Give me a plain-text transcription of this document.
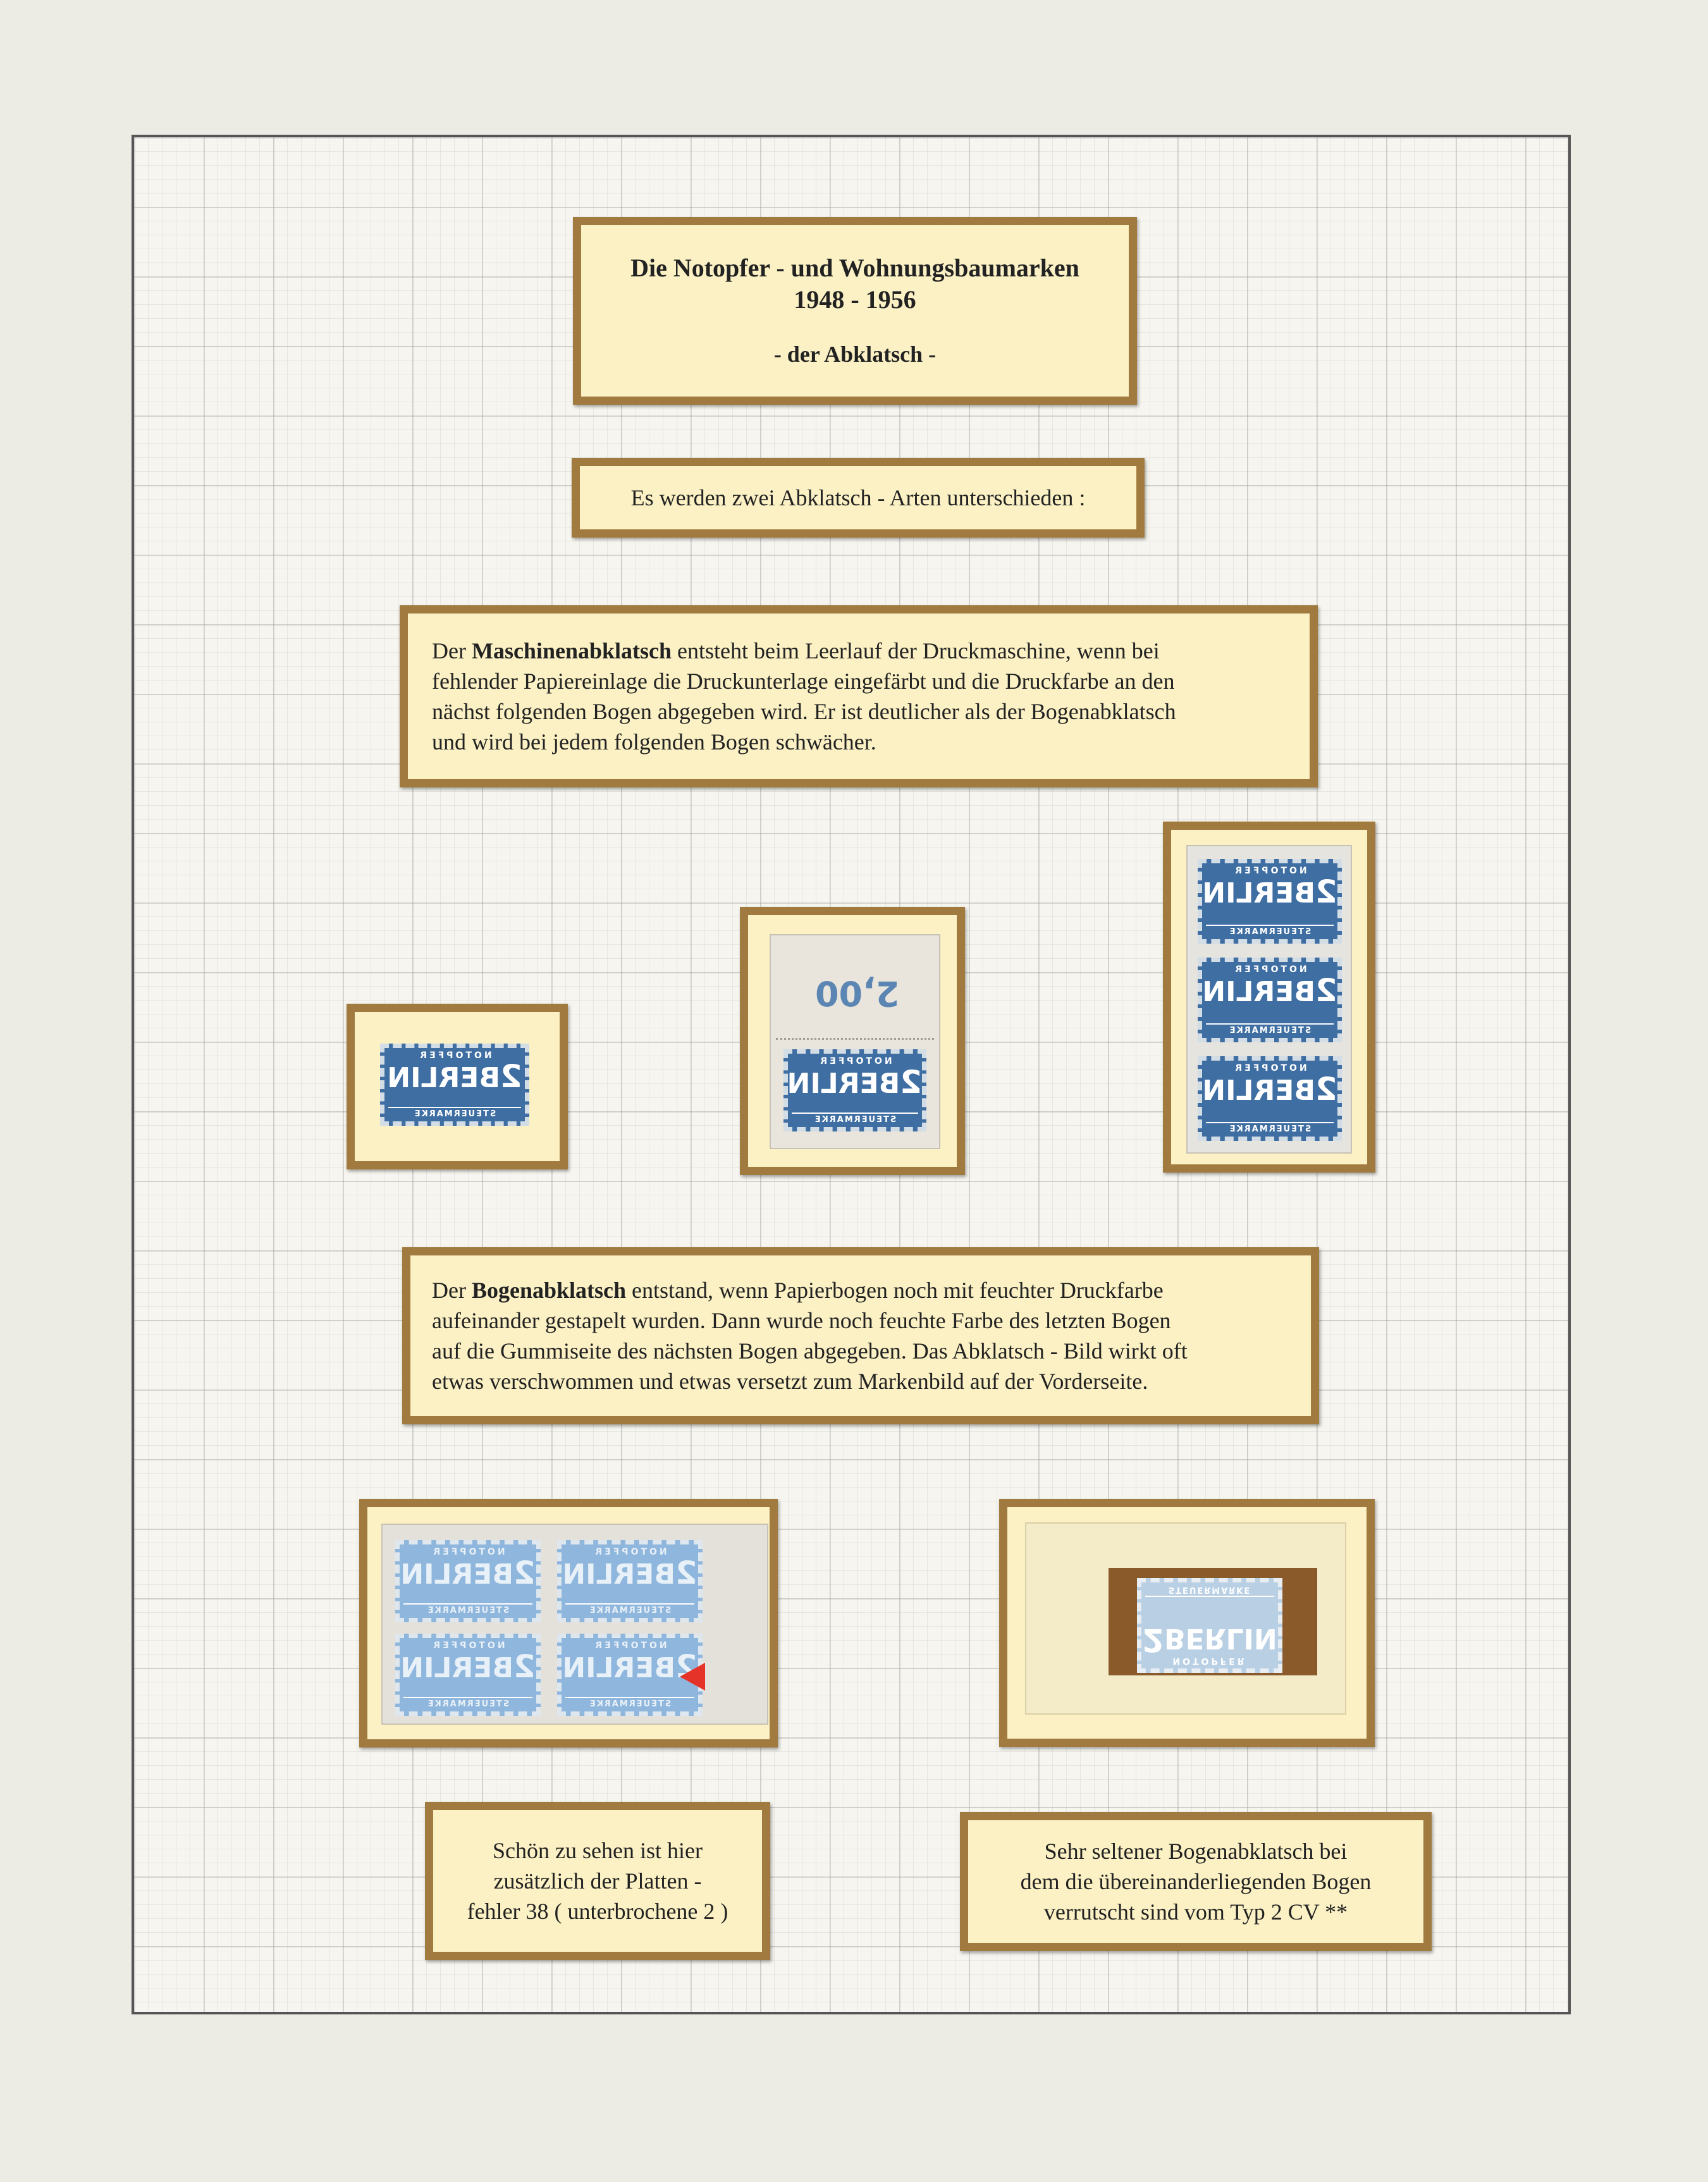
Die Notopfer - und Wohnungsbaumarken
1948 - 1956
- der Abklatsch -
Es werden zwei Abklatsch - Arten unterschieden :
Der Maschinenabklatsch entsteht beim Leerlauf der Druckmaschine, wenn bei
fehlender Papiereinlage die Druckunterlage eingefärbt und die Druckfarbe an den
nächst folgenden Bogen abgegeben wird. Er ist deutlicher als der Bogenabklatsch
und wird bei jedem folgenden Bogen schwächer.
NOTOPFER
2BERLIN
STEUERMARKE
2,00
NOTOPFER
2BERLIN
STEUERMARKE
NOTOPFER
2BERLIN
STEUERMARKE
NOTOPFER
2BERLIN
STEUERMARKE
NOTOPFER
2BERLIN
STEUERMARKE
Der Bogenabklatsch entstand, wenn Papierbogen noch mit feuchter Druckfarbe
aufeinander gestapelt wurden. Dann wurde noch feuchte Farbe des letzten Bogen
auf die Gummiseite des nächsten Bogen abgegeben. Das Abklatsch - Bild wirkt oft
etwas verschwommen und etwas versetzt zum Markenbild auf der Vorderseite.
NOTOPFER
2BERLIN
STEUERMARKE
NOTOPFER
2BERLIN
STEUERMARKE
NOTOPFER
2BERLIN
STEUERMARKE
NOTOPFER
2BERLIN
STEUERMARKE
NOTOPFER
2BERLIN
STEUERMARKE
Schön zu sehen ist hier
zusätzlich der Platten -
fehler 38 ( unterbrochene 2 )
Sehr seltener Bogenabklatsch bei
dem die übereinanderliegenden Bogen
verrutscht sind vom Typ 2 CV **
